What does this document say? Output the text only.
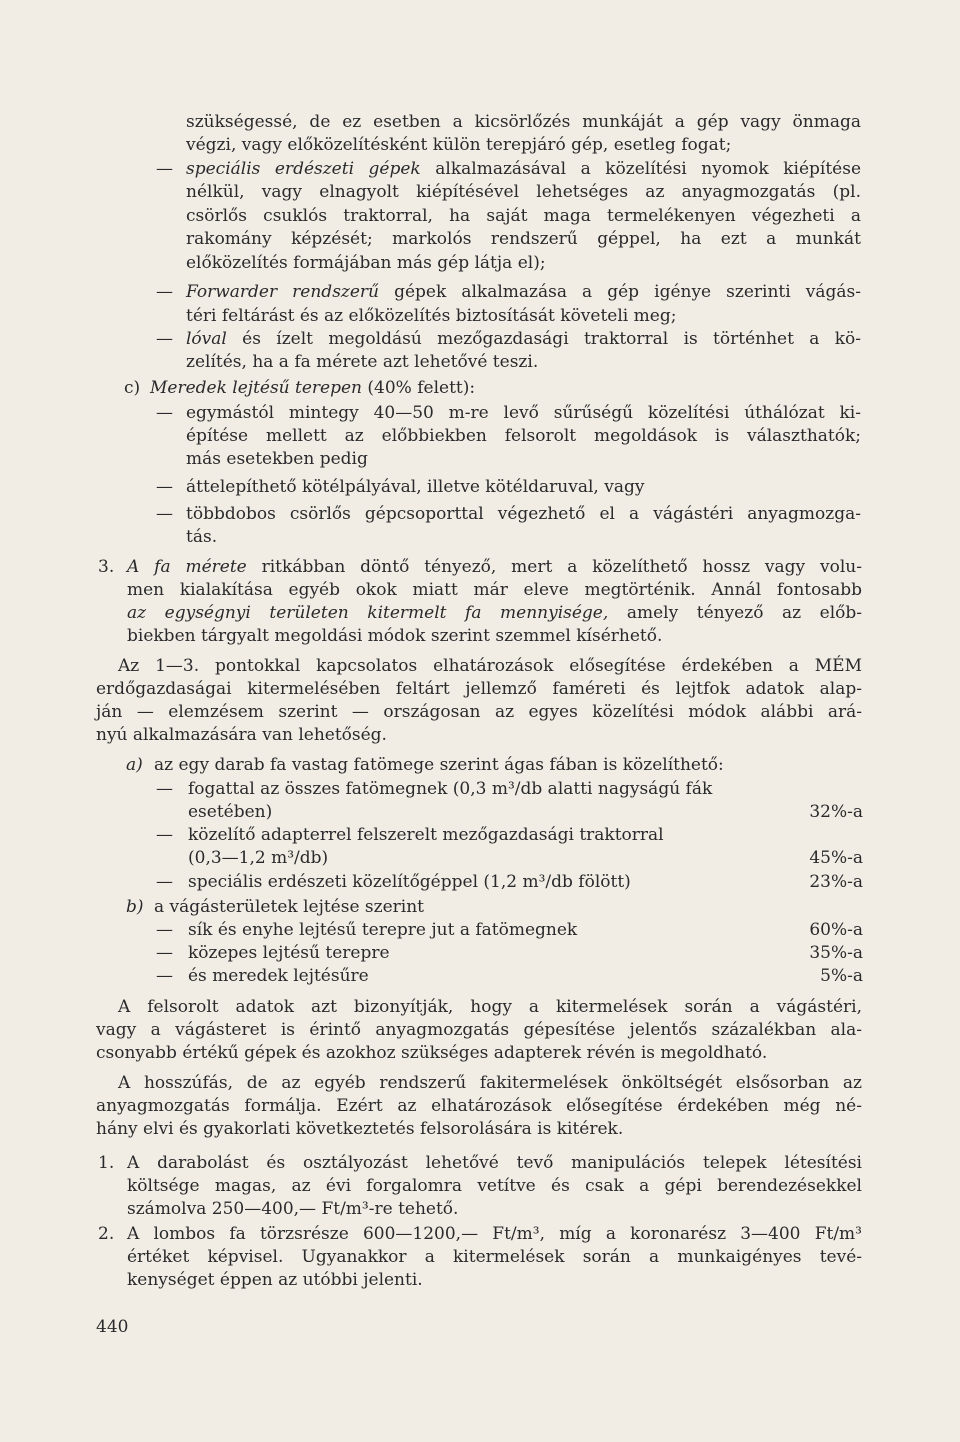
szükségessé, de ez esetben a kicsörlőzés munkáját a gép vagy önmaga
végzi, vagy előközelítésként külön terepjáró gép, esetleg fogat;
— speciális erdészeti gépek alkalmazásával a közelítési nyomok kiépítése
nélkül, vagy elnagyolt kiépítésével lehetséges az anyagmozgatás (pl.
csörlős csuklós traktorral, ha saját maga termelékenyen végezheti a
rakomány képzését; markolós rendszerű géppel, ha ezt a munkát
előközelítés formájában más gép látja el);
— Forwarder rendszerű gépek alkalmazása a gép igénye szerinti vágás-
téri feltárást és az előközelítés biztosítását követeli meg;
— lóval és ízelt megoldású mezőgazdasági traktorral is történhet a kö-
zelítés, ha a fa mérete azt lehetővé teszi.
c) Meredek lejtésű terepen (40% felett):
— egymástól mintegy 40—50 m-re levő sűrűségű közelítési úthálózat ki-
építése mellett az előbbiekben felsorolt megoldások is választhatók;
más esetekben pedig
— áttelepíthető kötélpályával, illetve kötéldaruval, vagy
— többdobos csörlős gépcsoporttal végezhető el a vágástéri anyagmozga-
tás.
3. A fa mérete ritkábban döntő tényező, mert a közelíthető hossz vagy volu-
men kialakítása egyéb okok miatt már eleve megtörténik. Annál fontosabb
az egységnyi területen kitermelt fa mennyisége, amely tényező az előb-
biekben tárgyalt megoldási módok szerint szemmel kísérhető.
Az 1—3. pontokkal kapcsolatos elhatározások elősegítése érdekében a MÉM
erdőgazdaságai kitermelésében feltárt jellemző faméreti és lejtfok adatok alap-
ján — elemzésem szerint — országosan az egyes közelítési módok alábbi ará-
nyú alkalmazására van lehetőség.
a) az egy darab fa vastag fatömege szerint ágas fában is közelíthető:
— fogattal az összes fatömegnek (0,3 m³/db alatti nagyságú fák
esetében)	32%-a
— közelítő adapterrel felszerelt mezőgazdasági traktorral
(0,3—1,2 m³/db)	45%-a
— speciális erdészeti közelítőgéppel (1,2 m³/db fölött)	23%-a
b) a vágásterületek lejtése szerint
— sík és enyhe lejtésű terepre jut a fatömegnek	60%-a
— közepes lejtésű terepre	35%-a
— és meredek lejtésűre	5%-a
A felsorolt adatok azt bizonyítják, hogy a kitermelések során a vágástéri,
vagy a vágásteret is érintő anyagmozgatás gépesítése jelentős százalékban ala-
csonyabb értékű gépek és azokhoz szükséges adapterek révén is megoldható.
A hosszúfás, de az egyéb rendszerű fakitermelések önköltségét elsősorban az
anyagmozgatás formálja. Ezért az elhatározások elősegítése érdekében még né-
hány elvi és gyakorlati következtetés felsorolására is kitérek.
1. A darabolást és osztályozást lehetővé tevő manipulációs telepek létesítési
költsége magas, az évi forgalomra vetítve és csak a gépi berendezésekkel
számolva 250—400,— Ft/m³-re tehető.
2. A lombos fa törzsrésze 600—1200,— Ft/m³, míg a koronarész 3—400 Ft/m³
értéket képvisel. Ugyanakkor a kitermelések során a munkaigényes tevé-
kenységet éppen az utóbbi jelenti.
440
